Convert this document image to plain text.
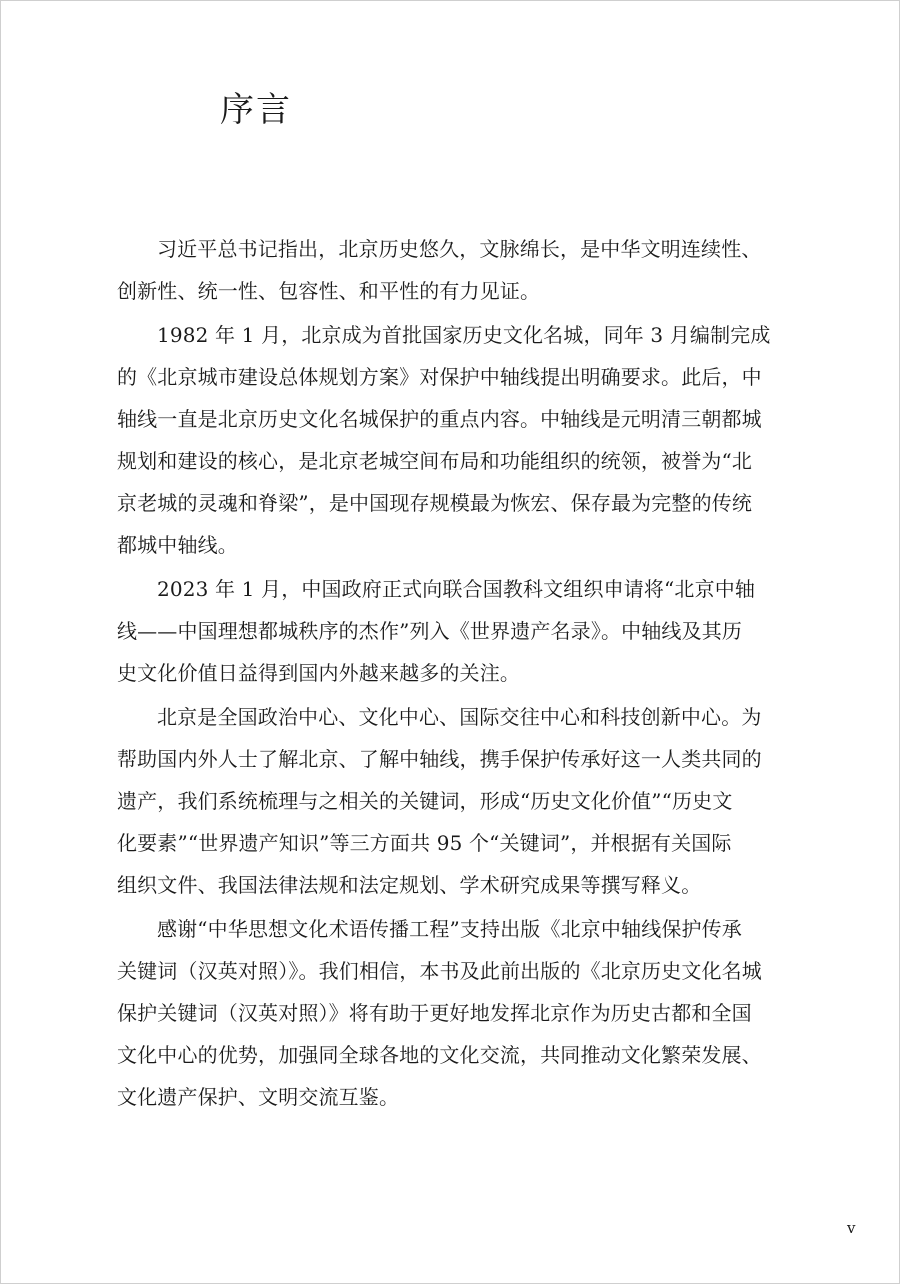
序言
习近平总书记指出，北京历史悠久，文脉绵长，是中华文明连续性、
创新性、统一性、包容性、和平性的有力见证。
1982 年 1 月，北京成为首批国家历史文化名城，同年 3 月编制完成
的《北京城市建设总体规划方案》对保护中轴线提出明确要求。此后，中
轴线一直是北京历史文化名城保护的重点内容。中轴线是元明清三朝都城
规划和建设的核心，是北京老城空间布局和功能组织的统领，被誉为“北
京老城的灵魂和脊梁”，是中国现存规模最为恢宏、保存最为完整的传统
都城中轴线。
2023 年 1 月，中国政府正式向联合国教科文组织申请将“北京中轴
线——中国理想都城秩序的杰作”列入《世界遗产名录》。中轴线及其历
史文化价值日益得到国内外越来越多的关注。
北京是全国政治中心、文化中心、国际交往中心和科技创新中心。为
帮助国内外人士了解北京、了解中轴线，携手保护传承好这一人类共同的
遗产，我们系统梳理与之相关的关键词，形成“历史文化价值”“历史文
化要素”“世界遗产知识”等三方面共 95 个“关键词”，并根据有关国际
组织文件、我国法律法规和法定规划、学术研究成果等撰写释义。
感谢“中华思想文化术语传播工程”支持出版《北京中轴线保护传承
关键词（汉英对照）》。我们相信，本书及此前出版的《北京历史文化名城
保护关键词（汉英对照）》将有助于更好地发挥北京作为历史古都和全国
文化中心的优势，加强同全球各地的文化交流，共同推动文化繁荣发展、
文化遗产保护、文明交流互鉴。
v
